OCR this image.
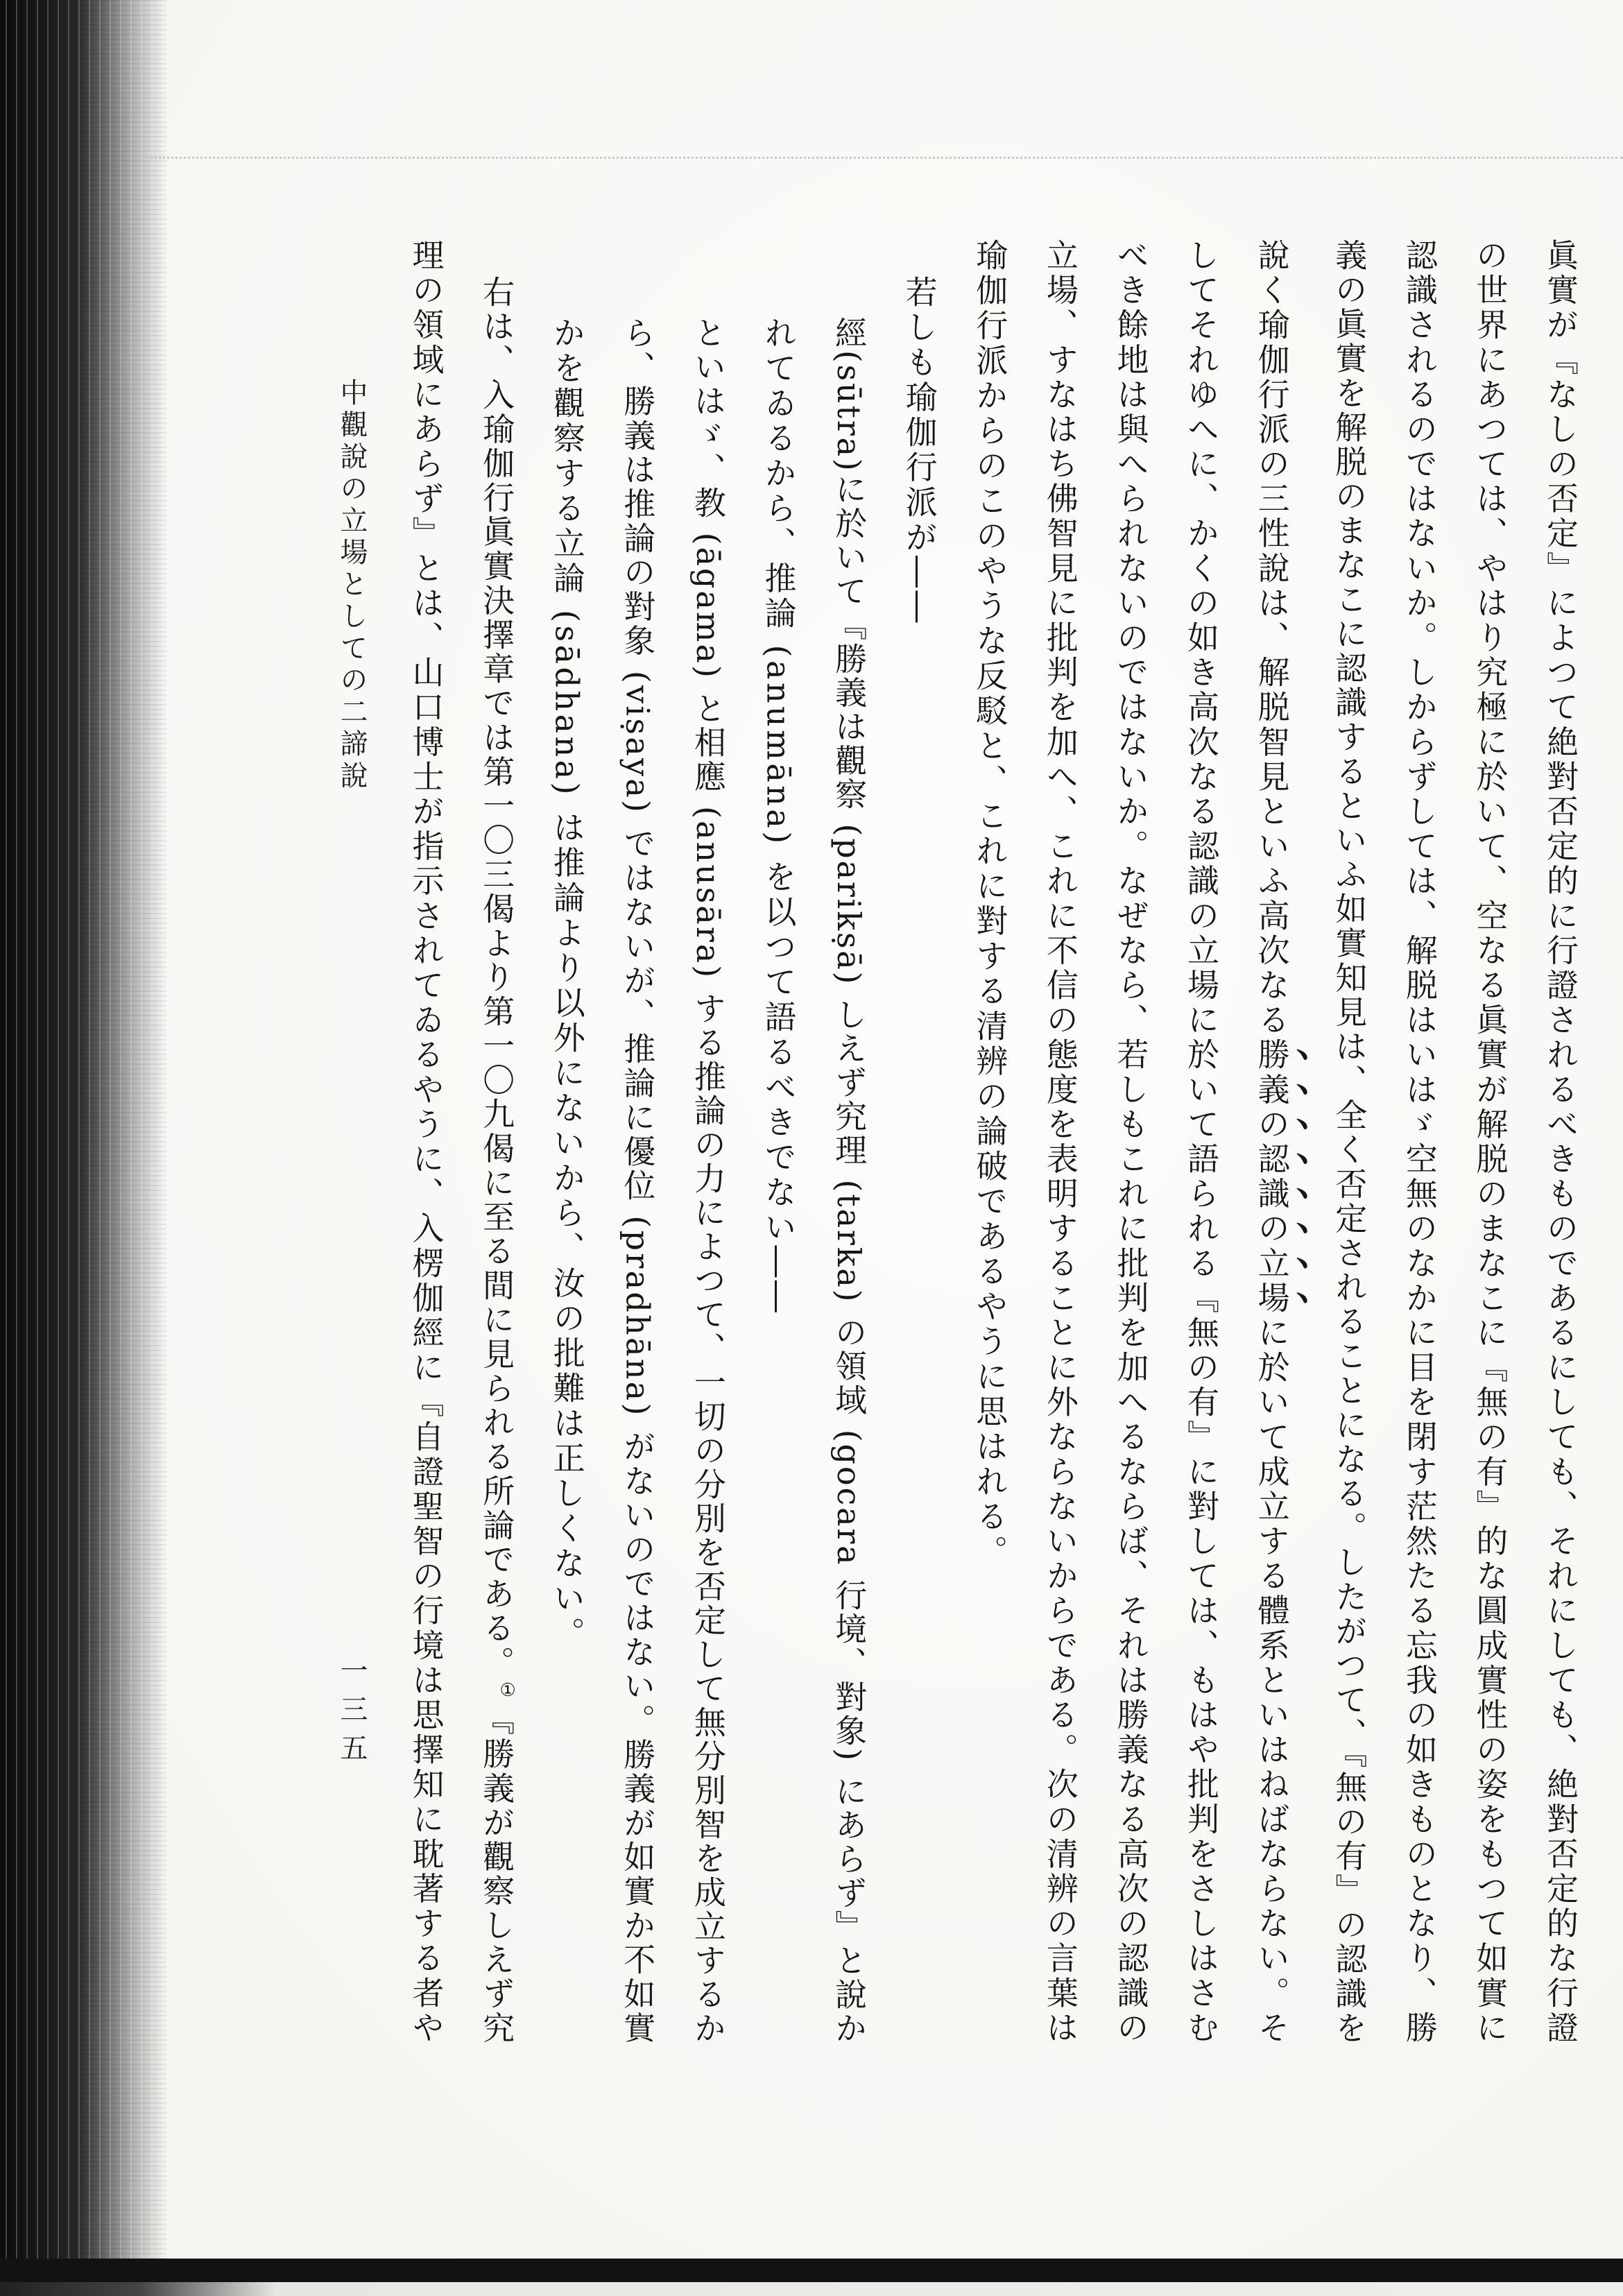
眞實が『なしの否定』によつて絶對否定的に行證されるべきものであるにしても、それにしても、絶對否定的な行證
の世界にあつては、やはり究極に於いて、空なる眞實が解脱のまなこに『無の有』的な圓成實性の姿をもつて如實に
認識されるのではないか。しからずしては、解脱はいはゞ空無のなかに目を閉す茫然たる忘我の如きものとなり、勝
義の眞實を解脱のまなこに認識するといふ如實知見は、全く否定されることになる。したがつて、『無の有』の認識を
說く瑜伽行派の三性說は、解脱智見といふ高次なる勝義の認識の立場に於いて成立する體系といはねばならない。そ
してそれゆへに、かくの如き高次なる認識の立場に於いて語られる『無の有』に對しては、もはや批判をさしはさむ
べき餘地は與へられないのではないか。なぜなら、若しもこれに批判を加へるならば、それは勝義なる高次の認識の
立場、すなはち佛智見に批判を加へ、これに不信の態度を表明することに外ならないからである。次の清辨の言葉は
瑜伽行派からのこのやうな反駁と、これに對する清辨の論破であるやうに思はれる。
若しも瑜伽行派が――
經(sūtra)に於いて『勝義は觀察 (parikṣā) しえず究理 (tarka) の領域 (gocara 行境、對象) にあらず』と說か
れてゐるから、推論 (anumāna) を以つて語るべきでない――
といはゞ、教 (āgama) と相應 (anusāra) する推論の力によつて、一切の分別を否定して無分別智を成立するか
ら、勝義は推論の對象 (viṣaya) ではないが、推論に優位 (pradhāna) がないのではない。勝義が如實か不如實
かを觀察する立論 (sādhana) は推論より以外にないから、汝の批難は正しくない。
右は、入瑜伽行眞實決擇章では第一〇三偈より第一〇九偈に至る間に見られる所論である。①『勝義が觀察しえず究
理の領域にあらず』とは、山口博士が指示されてゐるやうに、入楞伽經に『自證聖智の行境は思擇知に耽著する者や
中觀說の立場としての二諦說
一三五
